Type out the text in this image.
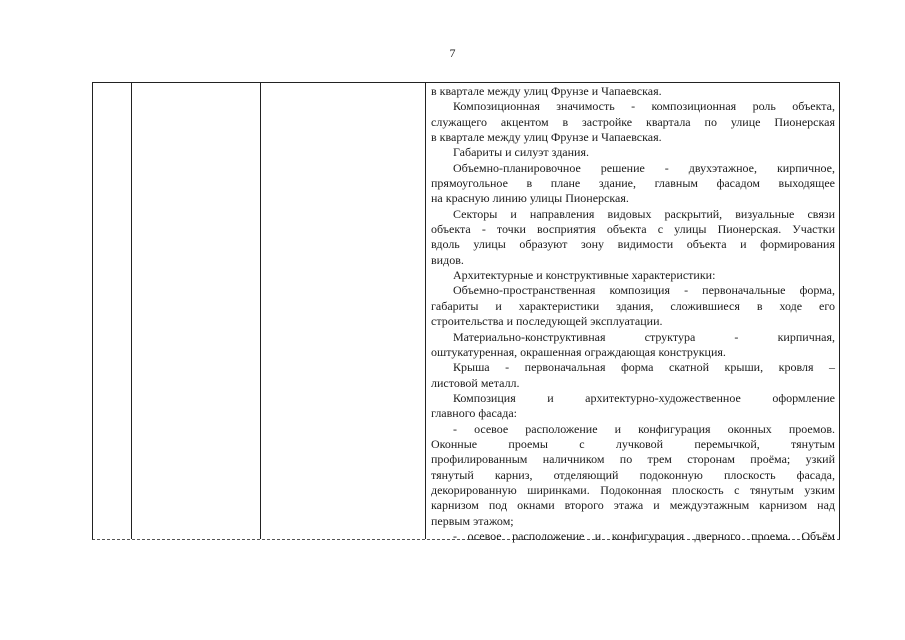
7
в квартале между улиц Фрунзе и Чапаевская.
Композиционная значимость - композиционная роль объекта,
служащего акцентом в застройке квартала по улице Пионерская
в квартале между улиц Фрунзе и Чапаевская.
Габариты и силуэт здания.
Объемно-планировочное решение - двухэтажное, кирпичное,
прямоугольное в плане здание, главным фасадом выходящее
на красную линию улицы Пионерская.
Секторы и направления видовых раскрытий, визуальные связи
объекта - точки восприятия объекта с улицы Пионерская. Участки
вдоль улицы образуют зону видимости объекта и формирования
видов.
Архитектурные и конструктивные характеристики:
Объемно-пространственная композиция - первоначальные форма,
габариты и характеристики здания, сложившиеся в ходе его
строительства и последующей эксплуатации.
Материально-конструктивная структура - кирпичная,
оштукатуренная, окрашенная ограждающая конструкция.
Крыша - первоначальная форма скатной крыши, кровля –
листовой металл.
Композиция и архитектурно-художественное оформление
главного фасада:
- осевое расположение и конфигурация оконных проемов.
Оконные проемы с лучковой перемычкой, тянутым
профилированным наличником по трем сторонам проёма; узкий
тянутый карниз, отделяющий подоконную плоскость фасада,
декорированную ширинками. Подоконная плоскость с тянутым узким
карнизом под окнами второго этажа и междуэтажным карнизом над
первым этажом;
- осевое расположение и конфигурация дверного проема. Объём
